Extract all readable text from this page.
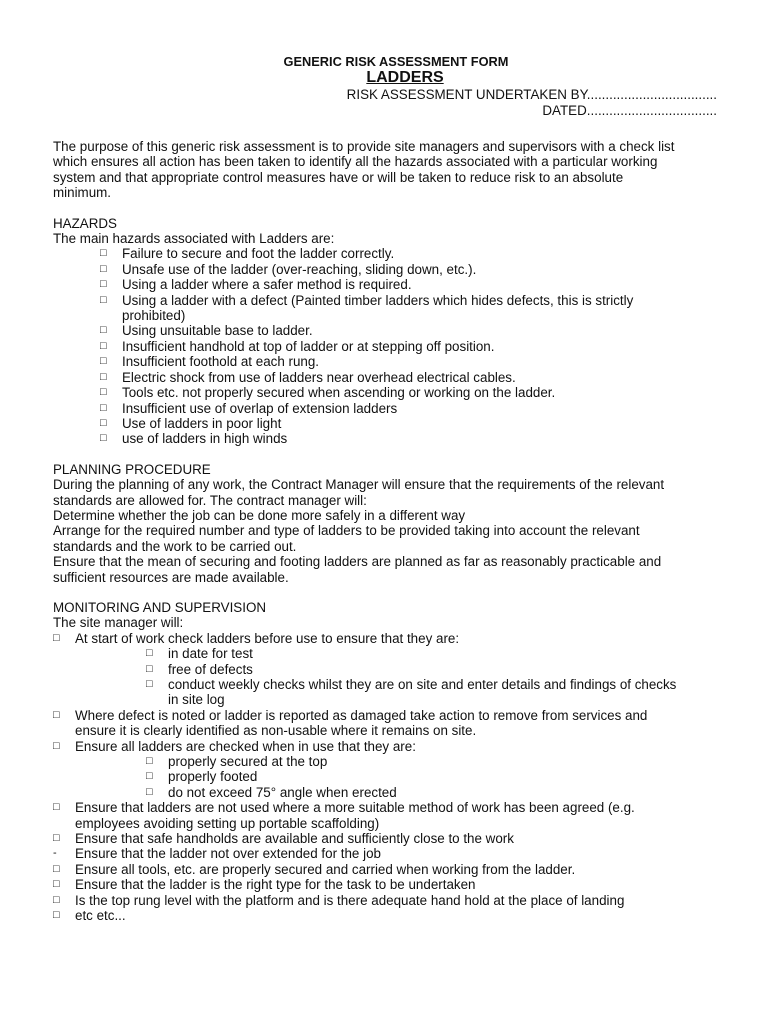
GENERIC RISK ASSESSMENT FORM
LADDERS
RISK ASSESSMENT UNDERTAKEN BY...................................
DATED...................................
The purpose of this generic risk assessment is to provide site managers and supervisors with a check list
which ensures all action has been taken to identify all the hazards associated with a particular working
system and that appropriate control measures have or will be taken to reduce risk to an absolute
minimum.
HAZARDS
The main hazards associated with Ladders are:
□ Failure to secure and foot the ladder correctly.
□ Unsafe use of the ladder (over-reaching, sliding down, etc.).
□ Using a ladder where a safer method is required.
□ Using a ladder with a defect (Painted timber ladders which hides defects, this is strictly
prohibited)
□ Using unsuitable base to ladder.
□ Insufficient handhold at top of ladder or at stepping off position.
□ Insufficient foothold at each rung.
□ Electric shock from use of ladders near overhead electrical cables.
□ Tools etc. not properly secured when ascending or working on the ladder.
□ Insufficient use of overlap of extension ladders
□ Use of ladders in poor light
□ use of ladders in high winds
PLANNING PROCEDURE
During the planning of any work, the Contract Manager will ensure that the requirements of the relevant
standards are allowed for. The contract manager will:
Determine whether the job can be done more safely in a different way
Arrange for the required number and type of ladders to be provided taking into account the relevant
standards and the work to be carried out.
Ensure that the mean of securing and footing ladders are planned as far as reasonably practicable and
sufficient resources are made available.
MONITORING AND SUPERVISION
The site manager will:
□ At start of work check ladders before use to ensure that they are:
□ in date for test
□ free of defects
□ conduct weekly checks whilst they are on site and enter details and findings of checks
in site log
□ Where defect is noted or ladder is reported as damaged take action to remove from services and
ensure it is clearly identified as non-usable where it remains on site.
□ Ensure all ladders are checked when in use that they are:
□ properly secured at the top
□ properly footed
□ do not exceed 75° angle when erected
□ Ensure that ladders are not used where a more suitable method of work has been agreed (e.g.
employees avoiding setting up portable scaffolding)
□ Ensure that safe handholds are available and sufficiently close to the work
- Ensure that the ladder not over extended for the job
□ Ensure all tools, etc. are properly secured and carried when working from the ladder.
□ Ensure that the ladder is the right type for the task to be undertaken
□ Is the top rung level with the platform and is there adequate hand hold at the place of landing
□ etc etc...
